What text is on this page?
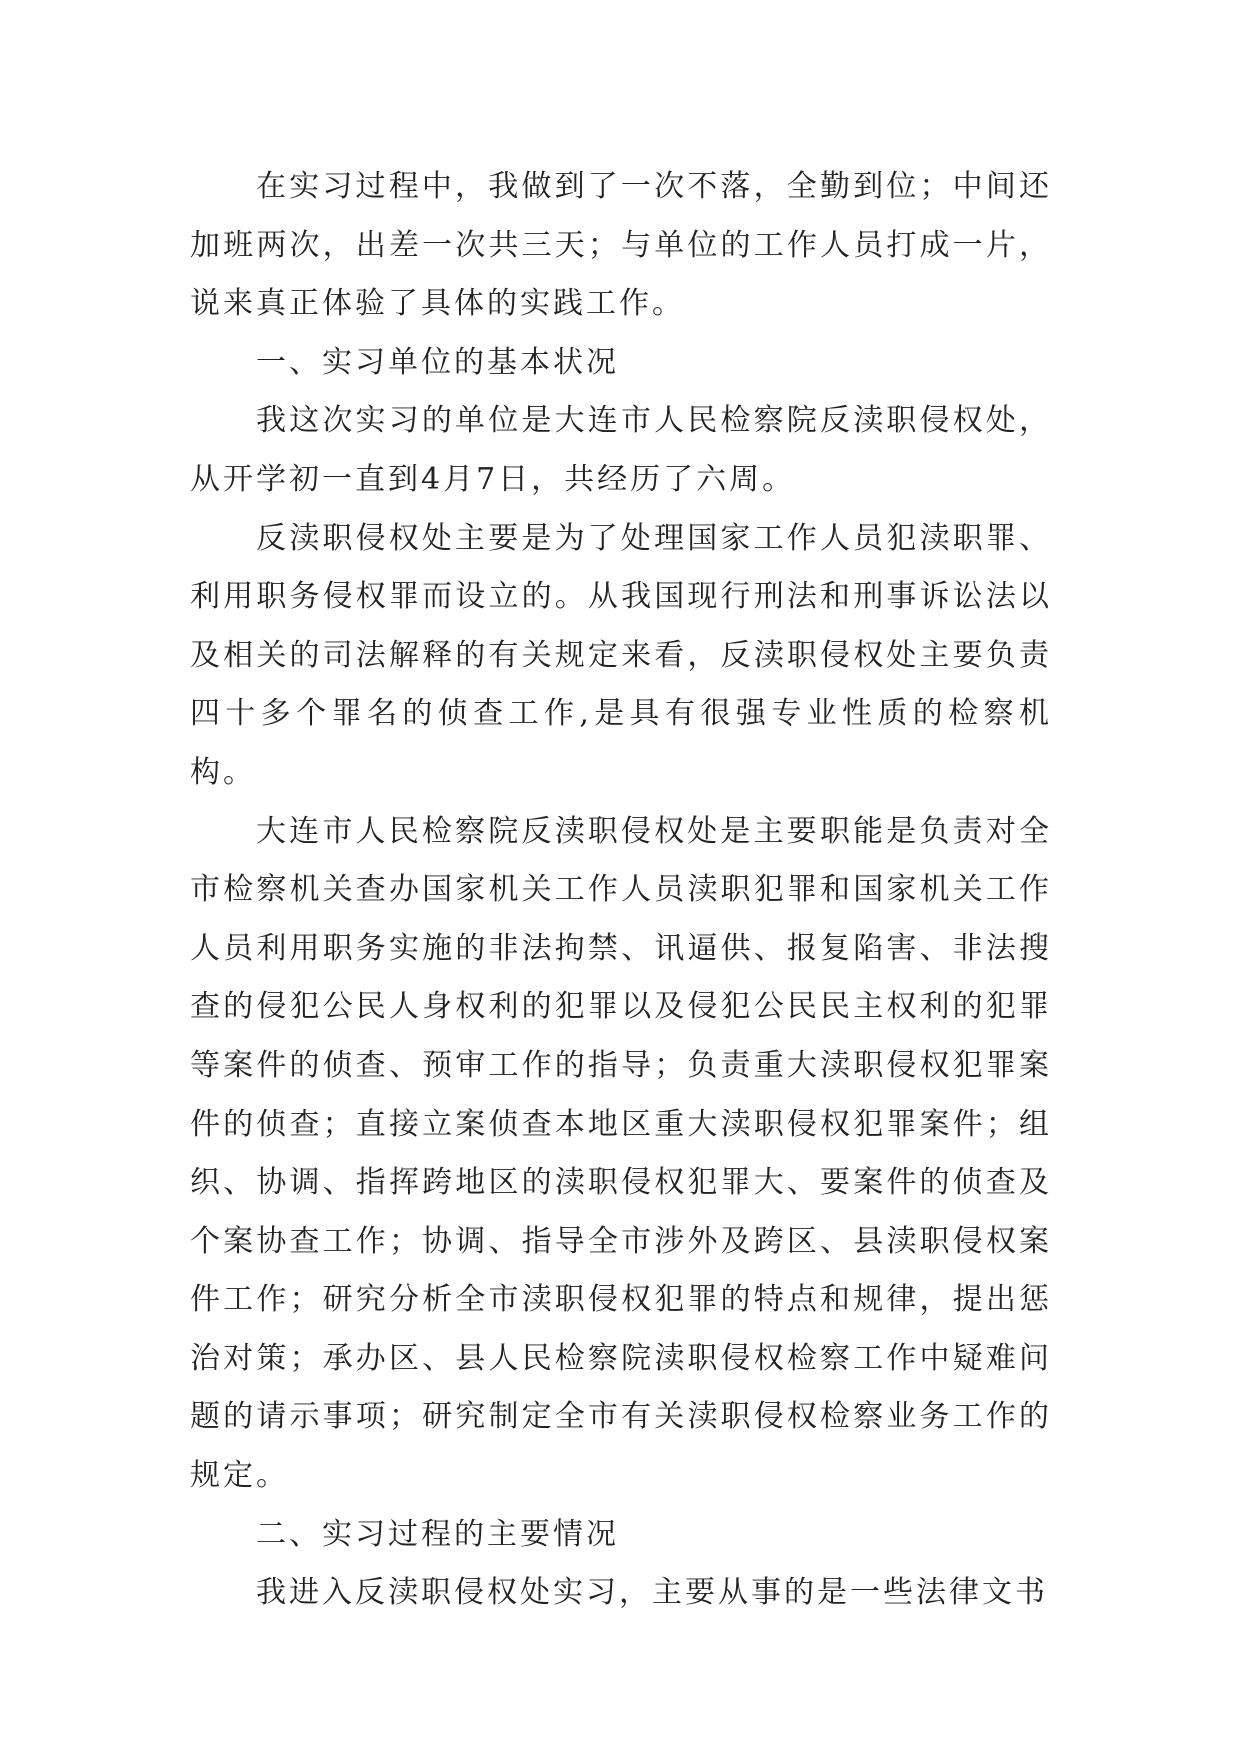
在实习过程中，我做到了一次不落，全勤到位；中间还加班两次，出差一次共三天；与单位的工作人员打成一片，说来真正体验了具体的实践工作。

一、实习单位的基本状况

我这次实习的单位是大连市人民检察院反渎职侵权处，从开学初一直到4月7日，共经历了六周。

反渎职侵权处主要是为了处理国家工作人员犯渎职罪、利用职务侵权罪而设立的。从我国现行刑法和刑事诉讼法以及相关的司法解释的有关规定来看，反渎职侵权处主要负责四十多个罪名的侦查工作,是具有很强专业性质的检察机构。

大连市人民检察院反渎职侵权处是主要职能是负责对全市检察机关查办国家机关工作人员渎职犯罪和国家机关工作人员利用职务实施的非法拘禁、讯逼供、报复陷害、非法搜查的侵犯公民人身权利的犯罪以及侵犯公民民主权利的犯罪等案件的侦查、预审工作的指导；负责重大渎职侵权犯罪案件的侦查；直接立案侦查本地区重大渎职侵权犯罪案件；组织、协调、指挥跨地区的渎职侵权犯罪大、要案件的侦查及个案协查工作；协调、指导全市涉外及跨区、县渎职侵权案件工作；研究分析全市渎职侵权犯罪的特点和规律，提出惩治对策；承办区、县人民检察院渎职侵权检察工作中疑难问题的请示事项；研究制定全市有关渎职侵权检察业务工作的规定。

二、实习过程的主要情况

我进入反渎职侵权处实习，主要从事的是一些法律文书
